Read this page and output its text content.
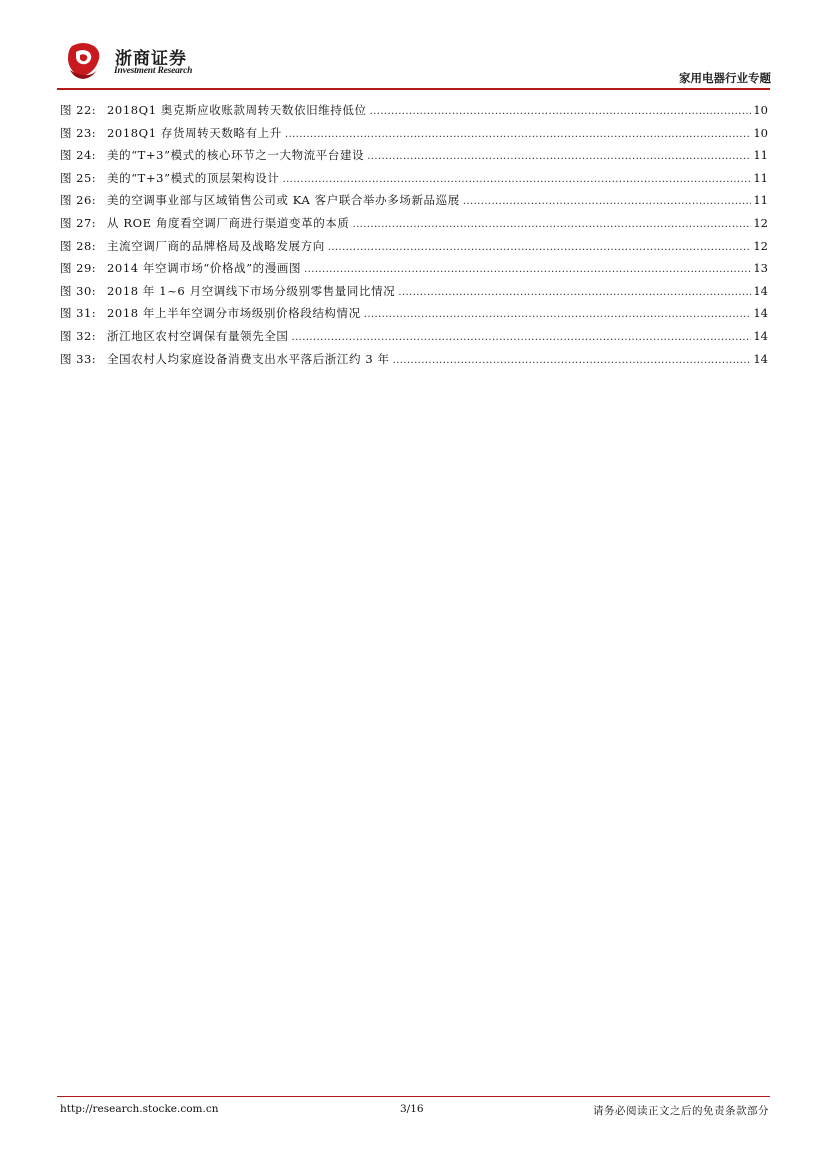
浙商证券
Investment Research	家用电器行业专题
图 22: 2018Q1 奥克斯应收账款周转天数依旧维持低位 .....	10
图 23: 2018Q1 存货周转天数略有上升 .....	10
图 24: 美的“T+3”模式的核心环节之一大物流平台建设 .....	11
图 25: 美的“T+3”模式的顶层架构设计 .....	11
图 26: 美的空调事业部与区域销售公司或 KA 客户联合举办多场新品巡展 .....	11
图 27: 从 ROE 角度看空调厂商进行渠道变革的本质 .....	12
图 28: 主流空调厂商的品牌格局及战略发展方向 .....	12
图 29: 2014 年空调市场“价格战”的漫画图 .....	13
图 30: 2018 年 1~6 月空调线下市场分级别零售量同比情况 .....	14
图 31: 2018 年上半年空调分市场级别价格段结构情况 .....	14
图 32: 浙江地区农村空调保有量领先全国 .....	14
图 33: 全国农村人均家庭设备消费支出水平落后浙江约 3 年 .....	14
http://research.stocke.com.cn	3/16	请务必阅读正文之后的免责条款部分
